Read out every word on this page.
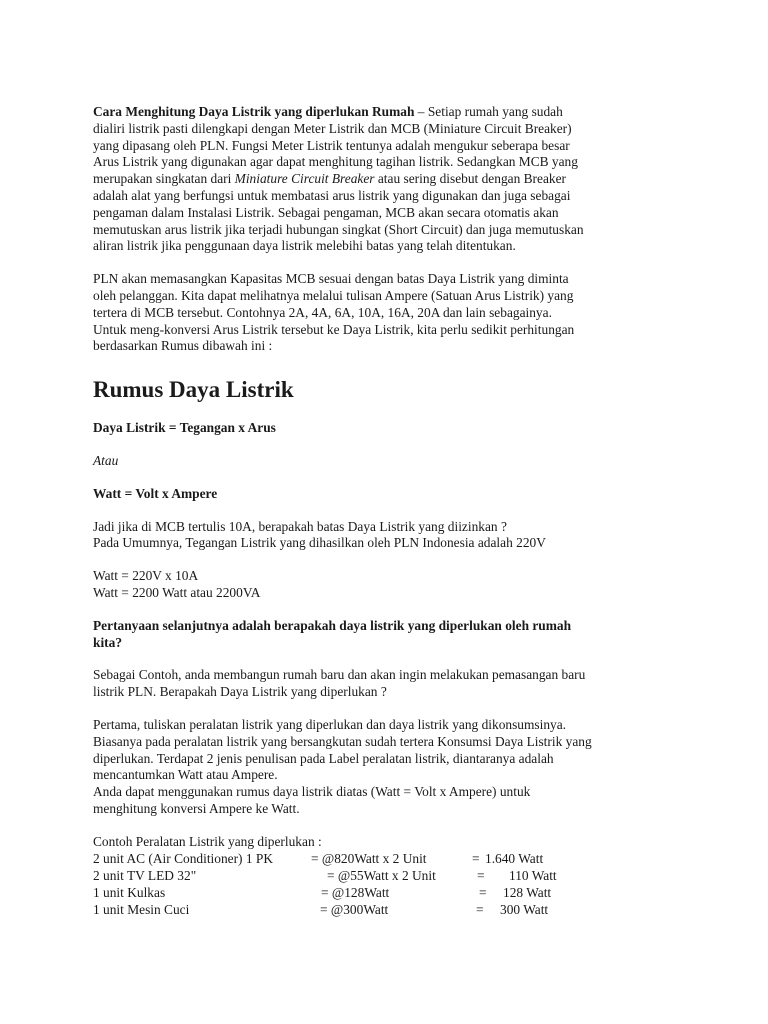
Cara Menghitung Daya Listrik yang diperlukan Rumah – Setiap rumah yang sudah
dialiri listrik pasti dilengkapi dengan Meter Listrik dan MCB (Miniature Circuit Breaker)
yang dipasang oleh PLN. Fungsi Meter Listrik tentunya adalah mengukur seberapa besar
Arus Listrik yang digunakan agar dapat menghitung tagihan listrik. Sedangkan MCB yang
merupakan singkatan dari Miniature Circuit Breaker atau sering disebut dengan Breaker
adalah alat yang berfungsi untuk membatasi arus listrik yang digunakan dan juga sebagai
pengaman dalam Instalasi Listrik. Sebagai pengaman, MCB akan secara otomatis akan
memutuskan arus listrik jika terjadi hubungan singkat (Short Circuit) dan juga memutuskan
aliran listrik jika penggunaan daya listrik melebihi batas yang telah ditentukan.

PLN akan memasangkan Kapasitas MCB sesuai dengan batas Daya Listrik yang diminta
oleh pelanggan. Kita dapat melihatnya melalui tulisan Ampere (Satuan Arus Listrik) yang
tertera di MCB tersebut. Contohnya 2A, 4A, 6A, 10A, 16A, 20A dan lain sebagainya.
Untuk meng-konversi Arus Listrik tersebut ke Daya Listrik, kita perlu sedikit perhitungan
berdasarkan Rumus dibawah ini :

Rumus Daya Listrik

Daya Listrik = Tegangan x Arus

Atau

Watt = Volt x Ampere

Jadi jika di MCB tertulis 10A, berapakah batas Daya Listrik yang diizinkan ?
Pada Umumnya, Tegangan Listrik yang dihasilkan oleh PLN Indonesia adalah 220V

Watt = 220V x 10A
Watt = 2200 Watt atau 2200VA

Pertanyaan selanjutnya adalah berapakah daya listrik yang diperlukan oleh rumah
kita?

Sebagai Contoh, anda membangun rumah baru dan akan ingin melakukan pemasangan baru
listrik PLN. Berapakah Daya Listrik yang diperlukan ?

Pertama, tuliskan peralatan listrik yang diperlukan dan daya listrik yang dikonsumsinya.
Biasanya pada peralatan listrik yang bersangkutan sudah tertera Konsumsi Daya Listrik yang
diperlukan. Terdapat 2 jenis penulisan pada Label peralatan listrik, diantaranya adalah
mencantumkan Watt atau Ampere.
Anda dapat menggunakan rumus daya listrik diatas (Watt = Volt x Ampere) untuk
menghitung konversi Ampere ke Watt.

Contoh Peralatan Listrik yang diperlukan :

2 unit AC (Air Conditioner) 1 PK	= @820Watt x 2 Unit	= 1.640 Watt
2 unit TV LED 32"	= @55Watt x 2 Unit	= 110 Watt
1 unit Kulkas	= @128Watt	= 128 Watt
1 unit Mesin Cuci	= @300Watt	= 300 Watt
